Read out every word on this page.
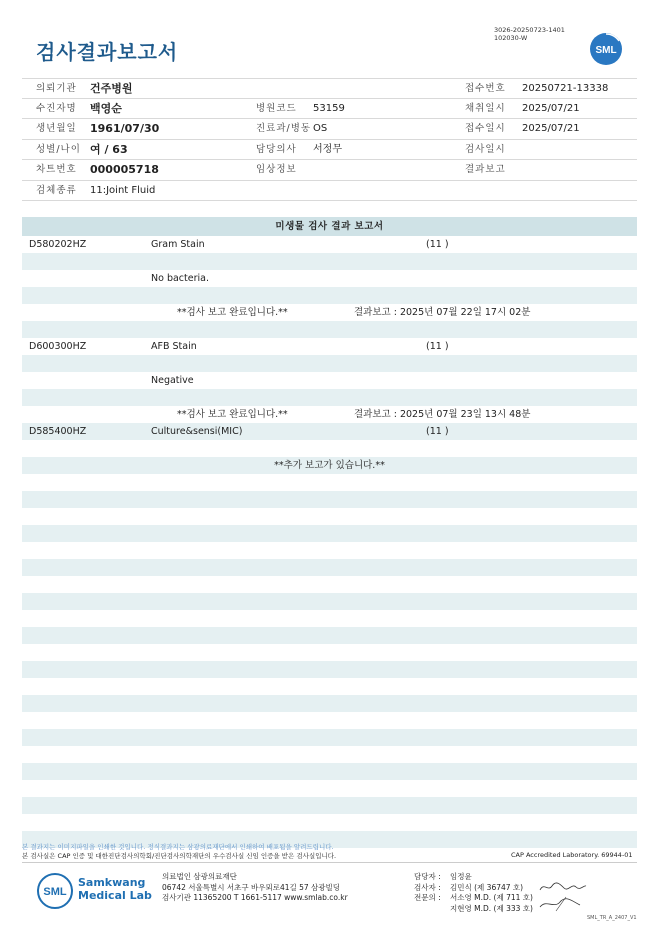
검사결과보고서
3026-20250723-1401
102030-W
SML
의뢰기관 건주병원	접수번호 20250721-13338
수진자명 백영순	병원코드 53159	채취일시 2025/07/21
생년월일 1961/07/30	진료과/병동 OS	접수일시 2025/07/21
성별/나이 여 / 63	담당의사 서정무	검사일시
차트번호 000005718	임상정보	결과보고
검체종류 11:Joint Fluid
미생물 검사 결과 보고서
D580202HZ	Gram Stain	(11 )
No bacteria.
**검사 보고 완료입니다.**	결과보고 : 2025년 07월 22일 17시 02분
D600300HZ	AFB Stain	(11 )
Negative
**검사 보고 완료입니다.**	결과보고 : 2025년 07월 23일 13시 48분
D585400HZ	Culture&sensi(MIC)	(11 )
**추가 보고가 있습니다.**
본 결과지는 이미지파일을 인쇄한 것입니다. 정식결과지는 삼광의료재단에서 인쇄하여 배포됨을 알려드립니다.
본 검사실은 CAP 인증 및 대한진단검사의학회/진단검사의학재단의 우수검사실 신임 인증을 받은 검사실입니다.	CAP Accredited Laboratory. 69944-01
SML
Samkwang
Medical Lab
의료법인 삼광의료재단
06742 서울특별시 서초구 바우뫼로41길 57 삼광빌딩
검사기관 11365200 T 1661-5117 www.smlab.co.kr
담당자 : 임정윤
검사자 : 김민식 (제 36747 호)
전문의 : 서소영 M.D. (제 711 호)
지현영 M.D. (제 333 호)
SML_TR_A_2407_V1
